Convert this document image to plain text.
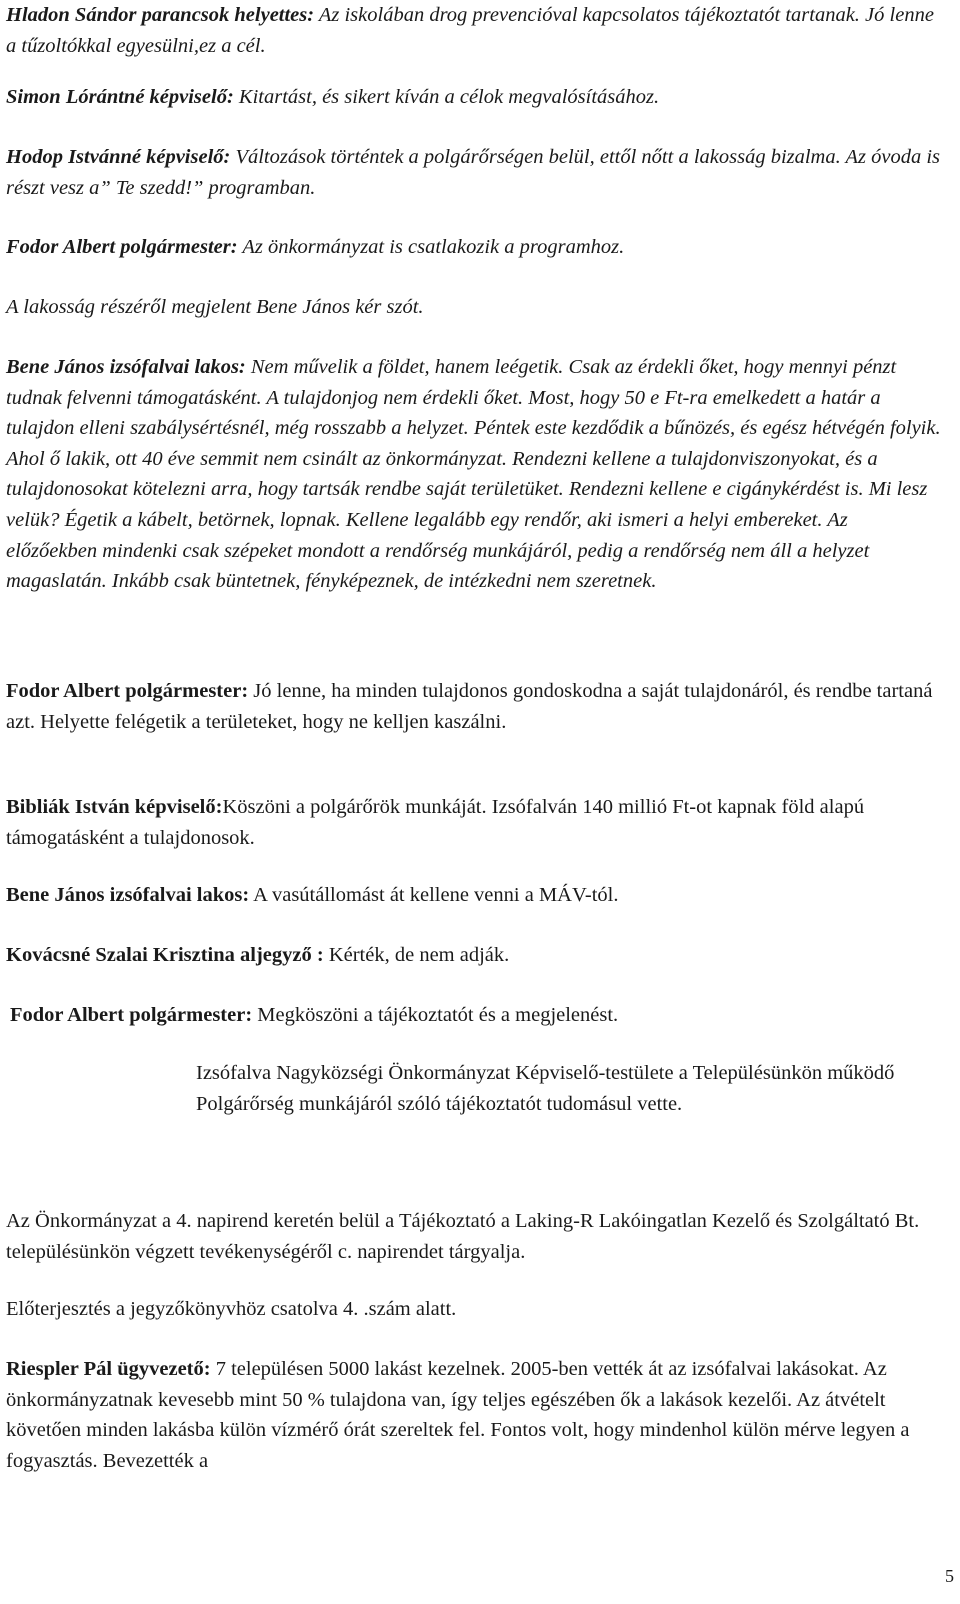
Hladon Sándor parancsok helyettes: Az iskolában drog prevencióval kapcsolatos tájékoztatót tartanak. Jó lenne a tűzoltókkal egyesülni,ez a cél.

Simon Lórántné képviselő: Kitartást, és sikert kíván a célok megvalósításához.

Hodop Istvánné képviselő: Változások történtek a polgárőrségen belül, ettől nőtt a lakosság bizalma. Az óvoda is részt vesz a” Te szedd!” programban.

Fodor Albert polgármester: Az önkormányzat is csatlakozik a programhoz.

A lakosság részéről megjelent Bene János kér szót.

Bene János izsófalvai lakos: Nem művelik a földet, hanem leégetik. Csak az érdekli őket, hogy mennyi pénzt tudnak felvenni támogatásként. A tulajdonjog nem érdekli őket. Most, hogy 50 e Ft-ra emelkedett a határ a tulajdon elleni szabálysértésnél, még rosszabb a helyzet. Péntek este kezdődik a bűnözés, és egész hétvégén folyik. Ahol ő lakik, ott 40 éve semmit nem csinált az önkormányzat. Rendezni kellene a tulajdonviszonyokat, és a tulajdonosokat kötelezni arra, hogy tartsák rendbe saját területüket. Rendezni kellene e cigánykérdést is. Mi lesz velük? Égetik a kábelt, betörnek, lopnak. Kellene legalább egy rendőr, aki ismeri a helyi embereket. Az előzőekben mindenki csak szépeket mondott a rendőrség munkájáról, pedig a rendőrség nem áll a helyzet magaslatán. Inkább csak büntetnek, fényképeznek, de intézkedni nem szeretnek.

Fodor Albert polgármester: Jó lenne, ha minden tulajdonos gondoskodna a saját tulajdonáról, és rendbe tartaná azt. Helyette felégetik a területeket, hogy ne kelljen kaszálni.

Bibliák István képviselő:Köszöni a polgárőrök munkáját. Izsófalván 140 millió Ft-ot kapnak föld alapú támogatásként a tulajdonosok.

Bene János izsófalvai lakos: A vasútállomást át kellene venni a MÁV-tól.

Kovácsné Szalai Krisztina aljegyző : Kérték, de nem adják.

Fodor Albert polgármester: Megköszöni a tájékoztatót és a megjelenést.

Izsófalva Nagyközségi Önkormányzat Képviselő-testülete a Településünkön működő Polgárőrség munkájáról szóló tájékoztatót tudomásul vette.

Az Önkormányzat a 4. napirend keretén belül a Tájékoztató a Laking-R Lakóingatlan Kezelő és Szolgáltató Bt. településünkön végzett tevékenységéről c. napirendet tárgyalja.

Előterjesztés a jegyzőkönyvhöz csatolva 4. .szám alatt.

Riespler Pál ügyvezető: 7 településen 5000 lakást kezelnek. 2005-ben vették át az izsófalvai lakásokat. Az önkormányzatnak kevesebb mint 50 % tulajdona van, így teljes egészében ők a lakások kezelői. Az átvételt követően minden lakásba külön vízmérő órát szereltek fel. Fontos volt, hogy mindenhol külön mérve legyen a fogyasztás. Bevezették a

5
